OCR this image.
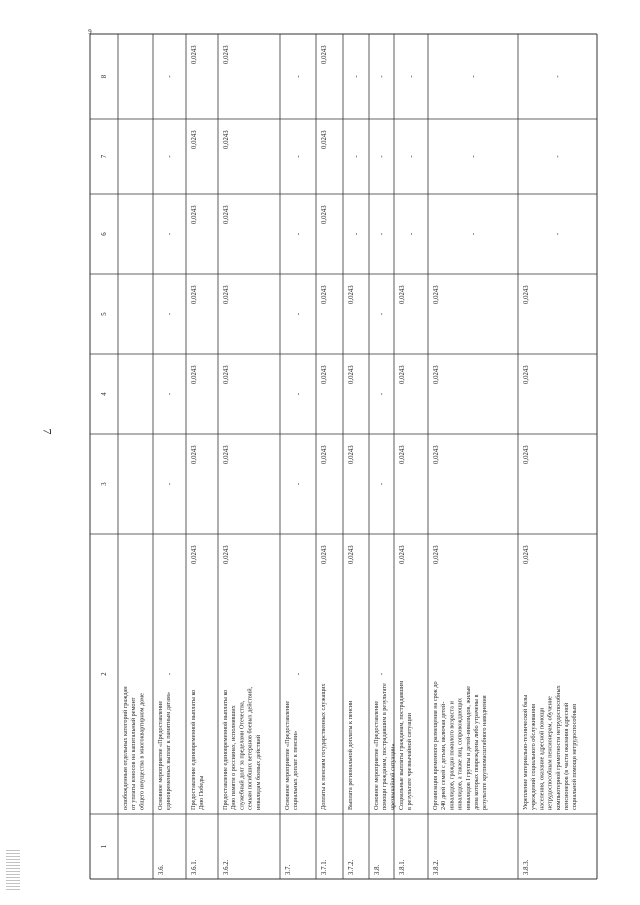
7
1
2
3
4
5
6
7
8
9
освобожденным отдельных категорий граждан от уплаты взносов на капитальный ремонт общего имущества в многоквартирном доме
3.6.
Основное мероприятие «Предоставление единовременных выплат к памятным датам»
-
-
-
-
-
-
-
3.6.1.
Предоставление единовременной выплаты ко Дню Победы
0,0243
0,0243
0,0243
0,0243
0,0243
0,0243
0,0243
3.6.2.
Предоставление единовременной выплаты ко Дню памяти о россиянах, исполнявших служебный долг за пределами Отечества, семьям погибших ветеранов боевых действий, инвалидам боевых действий
0,0243
0,0243
0,0243
0,0243
0,0243
0,0243
0,0243
3.7.
Основное мероприятие «Предоставление социальных доплат к пенсии»
-
-
-
-
-
-
-
3.7.1.
Доплаты к пенсиям государственных служащих
0,0243
0,0243
0,0243
0,0243
0,0243
0,0243
0,0243
3.7.2.
Выплата региональной доплаты к пенсии
0,0243
0,0243
0,0243
0,0243
-
-
-
3.8.
Основное мероприятие «Предоставление помощи гражданам, пострадавшим в результате чрезвычайной ситуации»
-
-
-
-
-
-
-
3.8.1.
Социальные выплаты гражданам, пострадавшим в результате чрезвычайной ситуации
0,0243
0,0243
0,0243
0,0243
-
-
-
3.8.2.
Организация временного размещения на срок до 240 дней семей с детьми, включая детей- инвалидов, граждан пожилого возраста и инвалидов, а также лиц, сопровождающих инвалидов I группы и детей-инвалидов, жилые дома которых повреждены либо утрачены в результате крупномасштабного наводнения
0,0243
0,0243
0,0243
0,0243
-
-
-
3.8.3.
Укрепление материально-технической базы учреждений социального обслуживания населения, оказание адресной помощи нетрудоспособным пенсионерам, обучение компьютерной грамотности нетрудоспособных пенсионеров (в части оказания адресной социальной помощи нетрудоспособным
0,0243
0,0243
0,0243
0,0243
-
-
-
